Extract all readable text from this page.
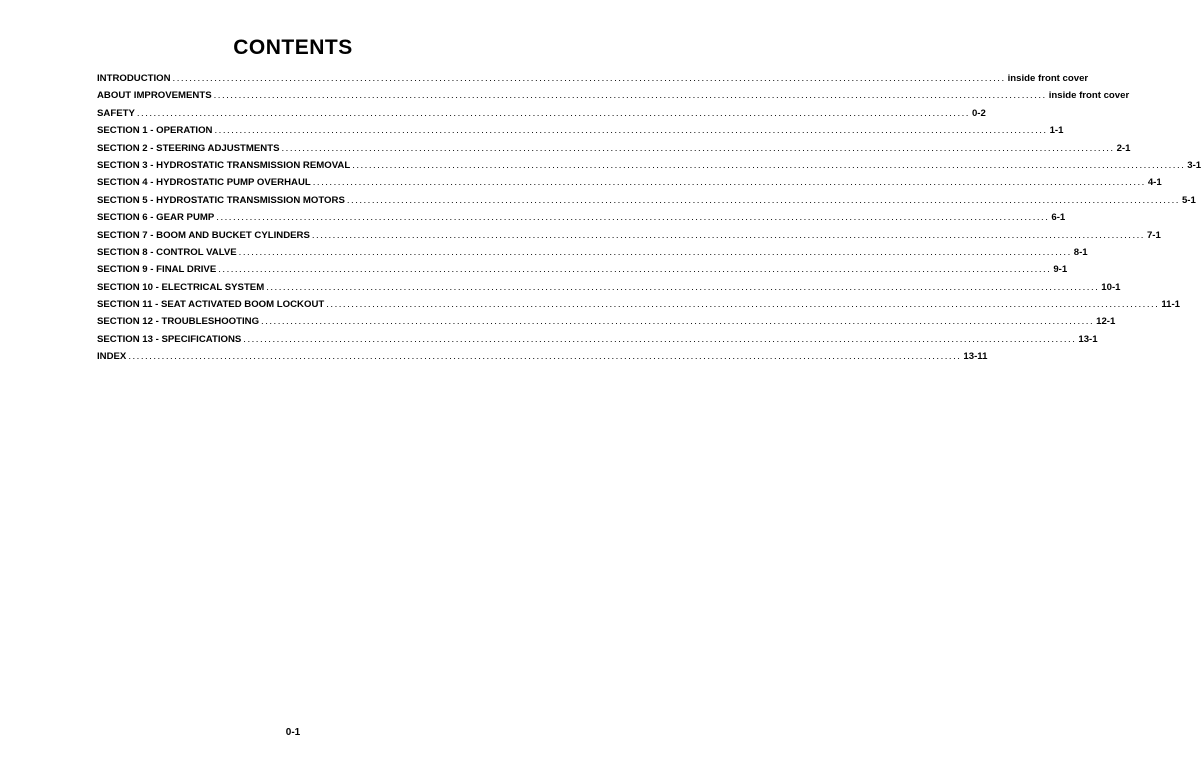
CONTENTS
INTRODUCTION ........................................................................................................................................................................................................ inside front cover
ABOUT IMPROVEMENTS ........................................................................................................................................................................................................ inside front cover
SAFETY ........................................................................................................................................................................................................ 0-2
SECTION 1 - OPERATION ........................................................................................................................................................................................................ 1-1
SECTION 2 - STEERING ADJUSTMENTS ........................................................................................................................................................................................................ 2-1
SECTION 3 - HYDROSTATIC TRANSMISSION REMOVAL ........................................................................................................................................................................................................ 3-1
SECTION 4 - HYDROSTATIC PUMP OVERHAUL ........................................................................................................................................................................................................ 4-1
SECTION 5 - HYDROSTATIC TRANSMISSION MOTORS ........................................................................................................................................................................................................ 5-1
SECTION 6 - GEAR PUMP ........................................................................................................................................................................................................ 6-1
SECTION 7 - BOOM AND BUCKET CYLINDERS ........................................................................................................................................................................................................ 7-1
SECTION 8 - CONTROL VALVE ........................................................................................................................................................................................................ 8-1
SECTION 9 - FINAL DRIVE ........................................................................................................................................................................................................ 9-1
SECTION 10 - ELECTRICAL SYSTEM ........................................................................................................................................................................................................ 10-1
SECTION 11 - SEAT ACTIVATED BOOM LOCKOUT ........................................................................................................................................................................................................ 11-1
SECTION 12 - TROUBLESHOOTING ........................................................................................................................................................................................................ 12-1
SECTION 13 - SPECIFICATIONS ........................................................................................................................................................................................................ 13-1
INDEX ........................................................................................................................................................................................................ 13-11
0-1
